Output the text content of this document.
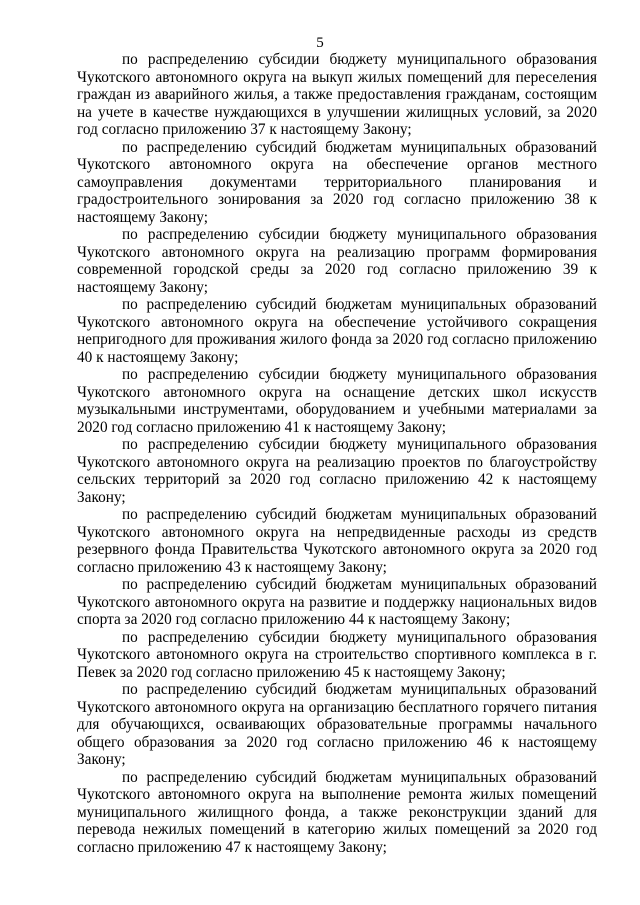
5

по распределению субсидии бюджету муниципального образования Чукотского автономного округа на выкуп жилых помещений для переселения граждан из аварийного жилья, а также предоставления гражданам, состоящим на учете в качестве нуждающихся в улучшении жилищных условий, за 2020 год согласно приложению 37 к настоящему Закону;

по распределению субсидий бюджетам муниципальных образований Чукотского автономного округа на обеспечение органов местного самоуправления документами территориального планирования и градостроительного зонирования за 2020 год согласно приложению 38 к настоящему Закону;

по распределению субсидии бюджету муниципального образования Чукотского автономного округа на реализацию программ формирования современной городской среды за 2020 год согласно приложению 39 к настоящему Закону;

по распределению субсидий бюджетам муниципальных образований Чукотского автономного округа на обеспечение устойчивого сокращения непригодного для проживания жилого фонда за 2020 год согласно приложению 40 к настоящему Закону;

по распределению субсидии бюджету муниципального образования Чукотского автономного округа на оснащение детских школ искусств музыкальными инструментами, оборудованием и учебными материалами за 2020 год согласно приложению 41 к настоящему Закону;

по распределению субсидии бюджету муниципального образования Чукотского автономного округа на реализацию проектов по благоустройству сельских территорий за 2020 год согласно приложению 42 к настоящему Закону;

по распределению субсидий бюджетам муниципальных образований Чукотского автономного округа на непредвиденные расходы из средств резервного фонда Правительства Чукотского автономного округа за 2020 год согласно приложению 43 к настоящему Закону;

по распределению субсидий бюджетам муниципальных образований Чукотского автономного округа на развитие и поддержку национальных видов спорта за 2020 год согласно приложению 44 к настоящему Закону;

по распределению субсидии бюджету муниципального образования Чукотского автономного округа на строительство спортивного комплекса в г. Певек за 2020 год согласно приложению 45 к настоящему Закону;

по распределению субсидий бюджетам муниципальных образований Чукотского автономного округа на организацию бесплатного горячего питания для обучающихся, осваивающих образовательные программы начального общего образования за 2020 год согласно приложению 46 к настоящему Закону;

по распределению субсидий бюджетам муниципальных образований Чукотского автономного округа на выполнение ремонта жилых помещений муниципального жилищного фонда, а также реконструкции зданий для перевода нежилых помещений в категорию жилых помещений за 2020 год согласно приложению 47 к настоящему Закону;
